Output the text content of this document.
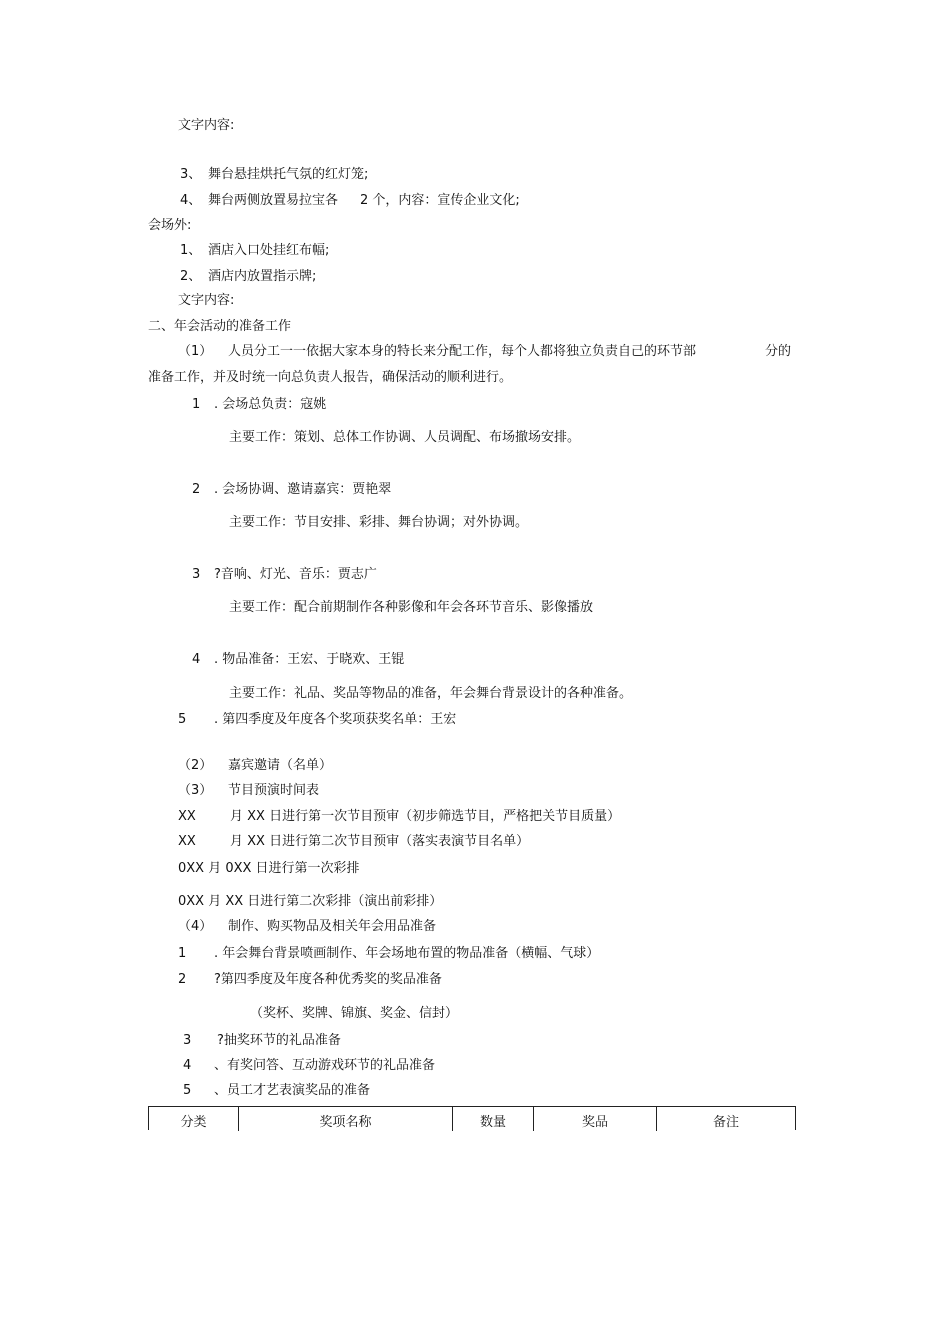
文字内容:
3、 舞台悬挂烘托气氛的红灯笼;
4、 舞台两侧放置易拉宝各 2 个，内容：宣传企业文化;
会场外:
1、 酒店入口处挂红布幅;
2、 酒店内放置指示牌;
文字内容:
二、年会活动的准备工作
（1） 人员分工一一依据大家本身的特长来分配工作，每个人都将独立负责自己的环节部	分的
准备工作，并及时统一向总负责人报告，确保活动的顺利进行。
1 . 会场总负责：寇姚
主要工作：策划、总体工作协调、人员调配、布场撤场安排。
2 . 会场协调、邀请嘉宾：贾艳翠
主要工作：节目安排、彩排、舞台协调；对外协调。
3 ?音响、灯光、音乐：贾志广
主要工作：配合前期制作各种影像和年会各环节音乐、影像播放
4 . 物品准备：王宏、于晓欢、王锟
主要工作：礼品、奖品等物品的准备，年会舞台背景设计的各种准备。
5 . 第四季度及年度各个奖项获奖名单：王宏
（2） 嘉宾邀请（名单）
（3） 节目预演时间表
XX	月 XX 日进行第一次节目预审（初步筛选节目，严格把关节目质量）
XX	月 XX 日进行第二次节目预审（落实表演节目名单）
0XX 月 0XX 日进行第一次彩排
0XX 月 XX 日进行第二次彩排（演出前彩排）
（4） 制作、购买物品及相关年会用品准备
1 . 年会舞台背景喷画制作、年会场地布置的物品准备（横幅、气球）
2 ?第四季度及年度各种优秀奖的奖品准备
（奖杯、奖牌、锦旗、奖金、信封）
3 ?抽奖环节的礼品准备
4 、有奖问答、互动游戏环节的礼品准备
5 、员工才艺表演奖品的准备
分类	奖项名称	数量	奖品	备注
